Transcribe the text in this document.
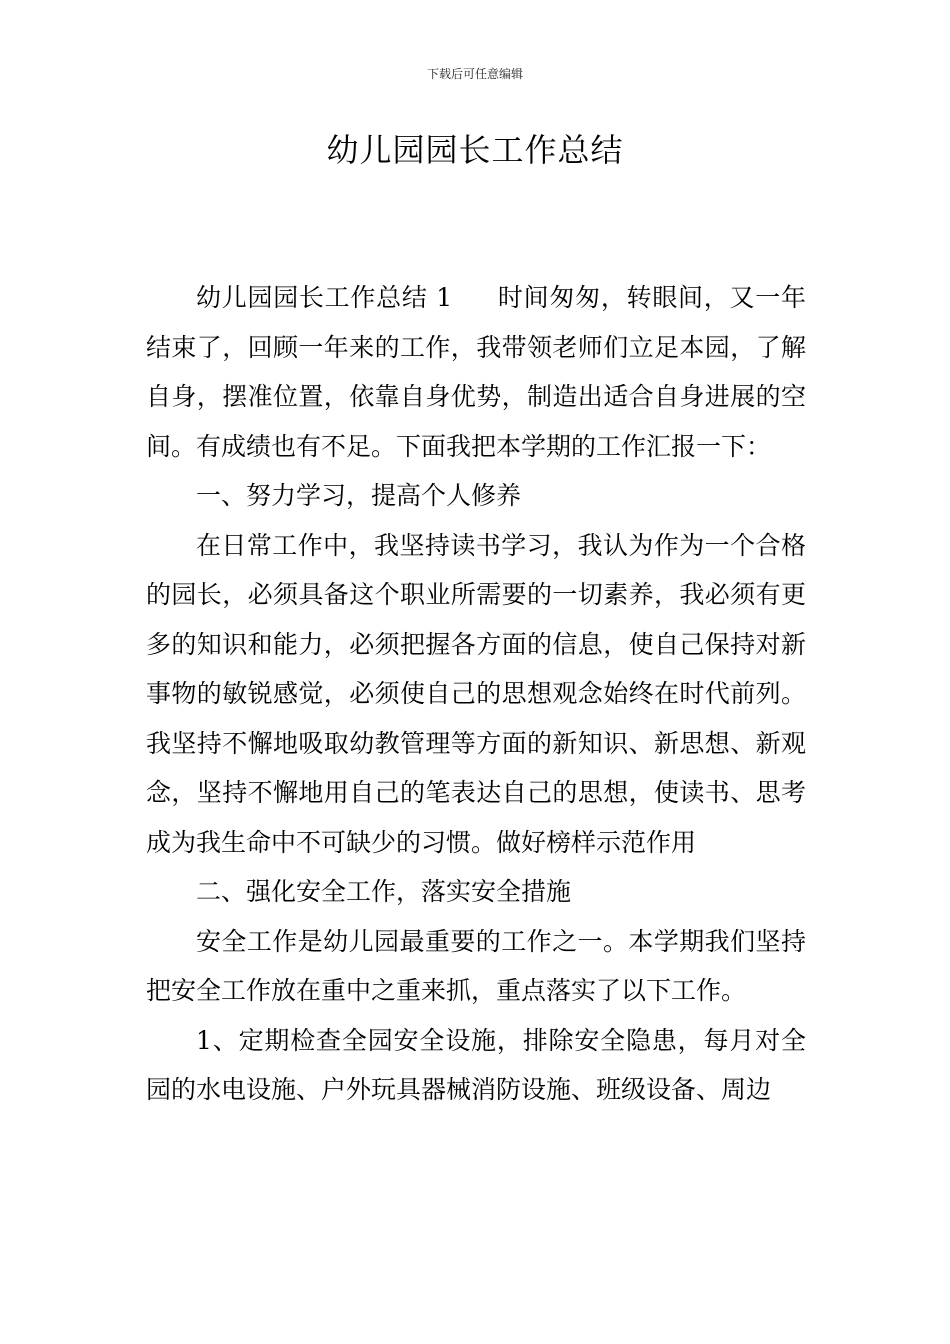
下载后可任意编辑
幼儿园园长工作总结

幼儿园园长工作总结 1 时间匆匆，转眼间，又一年结束了，回顾一年来的工作，我带领老师们立足本园，了解自身，摆准位置，依靠自身优势，制造出适合自身进展的空间。有成绩也有不足。下面我把本学期的工作汇报一下：

一、努力学习，提高个人修养

在日常工作中，我坚持读书学习，我认为作为一个合格的园长，必须具备这个职业所需要的一切素养，我必须有更多的知识和能力，必须把握各方面的信息，使自己保持对新事物的敏锐感觉，必须使自己的思想观念始终在时代前列。我坚持不懈地吸取幼教管理等方面的新知识、新思想、新观念，坚持不懈地用自己的笔表达自己的思想，使读书、思考成为我生命中不可缺少的习惯。做好榜样示范作用

二、强化安全工作，落实安全措施

安全工作是幼儿园最重要的工作之一。本学期我们坚持把安全工作放在重中之重来抓，重点落实了以下工作。

1、定期检查全园安全设施，排除安全隐患，每月对全园的水电设施、户外玩具器械消防设施、班级设备、周边
